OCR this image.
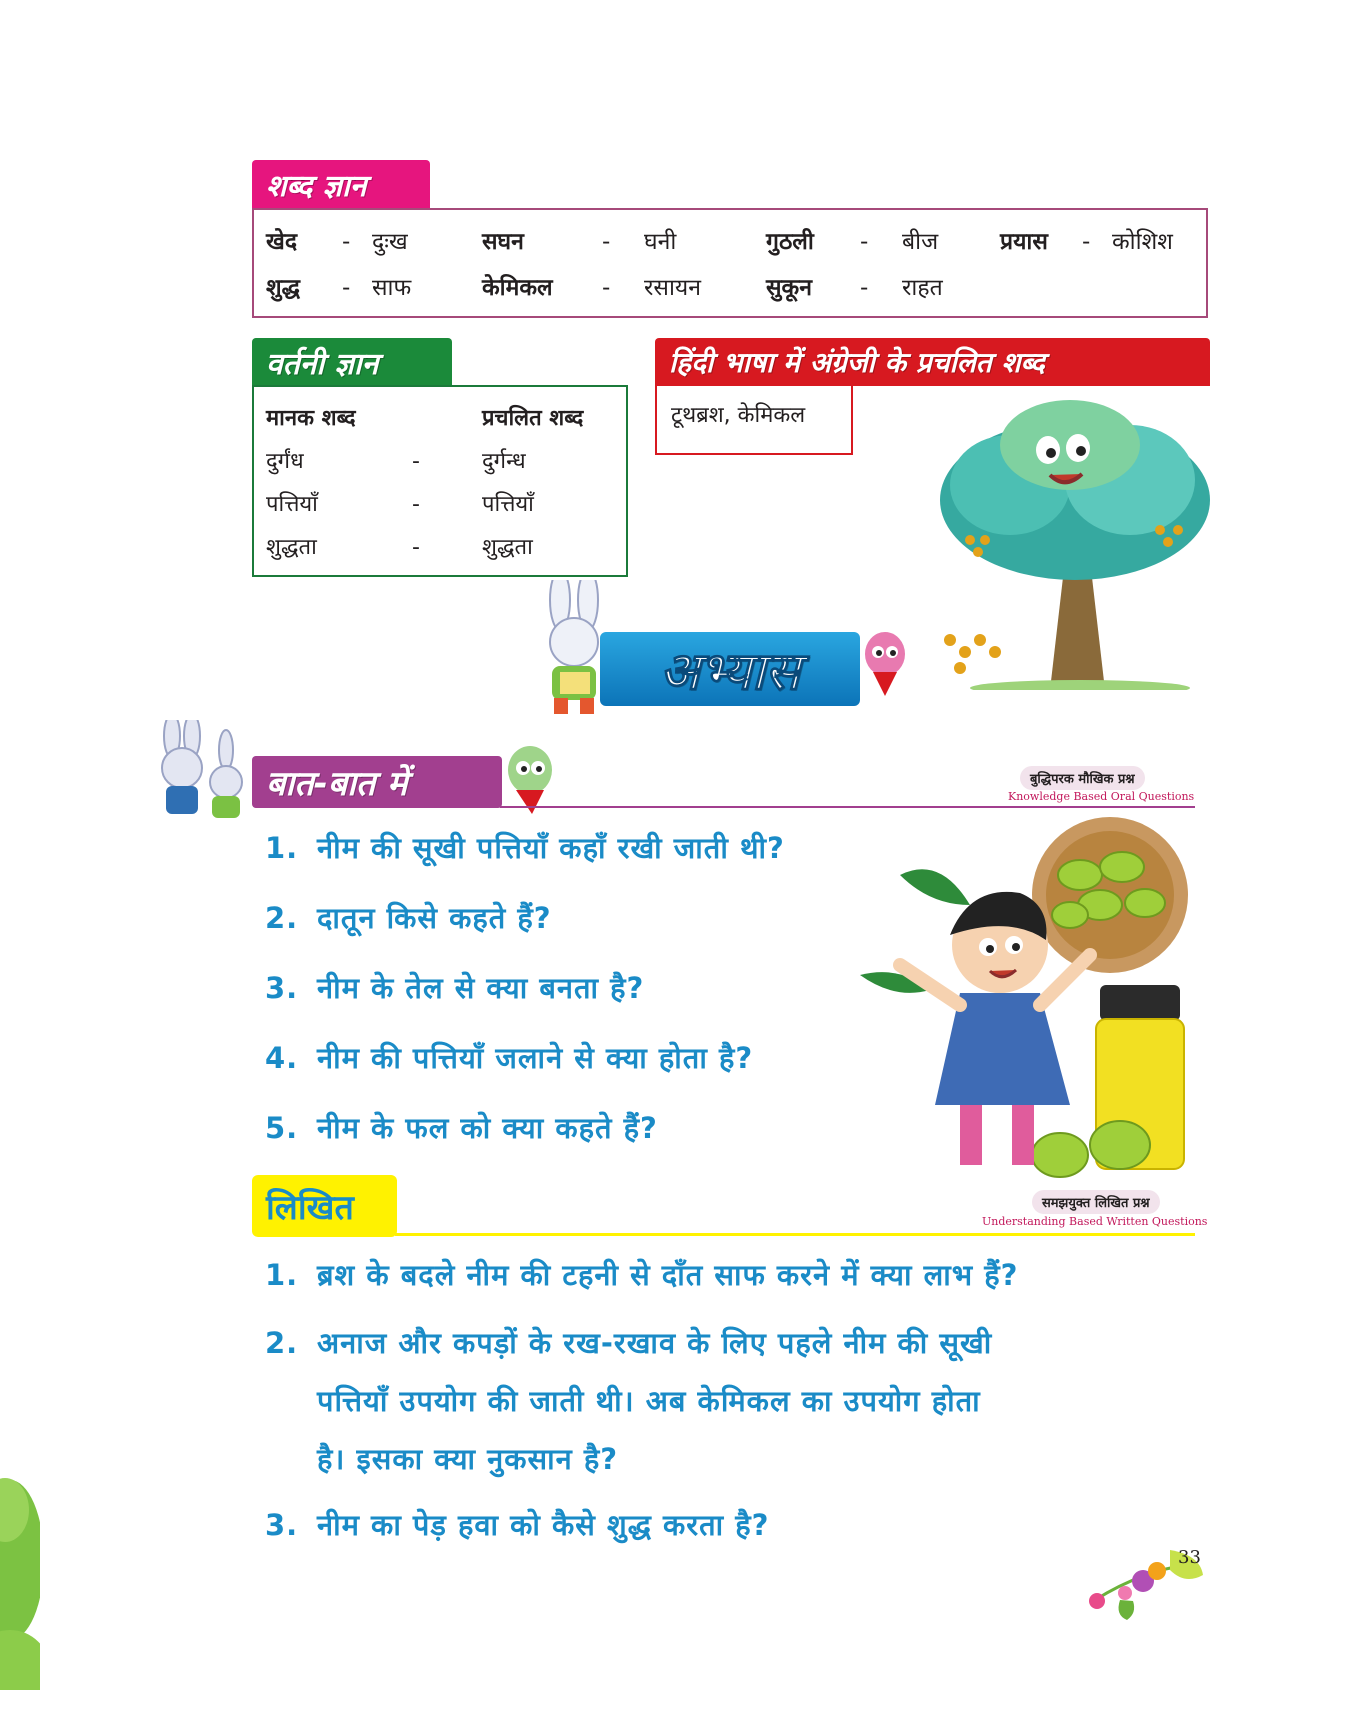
शब्द ज्ञान
खेद - दुःख	सघन	- घनी	गुठली - बीज	प्रयास - कोशिश
शुद्ध - साफ	केमिकल - रसायन	सुकून - राहत
वर्तनी ज्ञान
मानक शब्द	प्रचलित शब्द
दुर्गंध	-	दुर्गन्ध
पत्तियाँ	-	पत्तियाँ
शुद्धता	-	शुद्धता
हिंदी भाषा में अंग्रेजी के प्रचलित शब्द
टूथब्रश, केमिकल
अभ्यास
बात-बात में	बुद्धिपरक मौखिक प्रश्न
Knowledge Based Oral Questions
1. नीम की सूखी पत्तियाँ कहाँ रखी जाती थी?
2. दातून किसे कहते हैं?
3. नीम के तेल से क्या बनता है?
4. नीम की पत्तियाँ जलाने से क्या होता है?
5. नीम के फल को क्या कहते हैं?
लिखित	समझयुक्त लिखित प्रश्न
Understanding Based Written Questions
1. ब्रश के बदले नीम की टहनी से दाँत साफ करने में क्या लाभ हैं?
2. अनाज और कपड़ों के रख-रखाव के लिए पहले नीम की सूखी
पत्तियाँ उपयोग की जाती थी। अब केमिकल का उपयोग होता
है। इसका क्या नुकसान है?
3. नीम का पेड़ हवा को कैसे शुद्ध करता है?
33
